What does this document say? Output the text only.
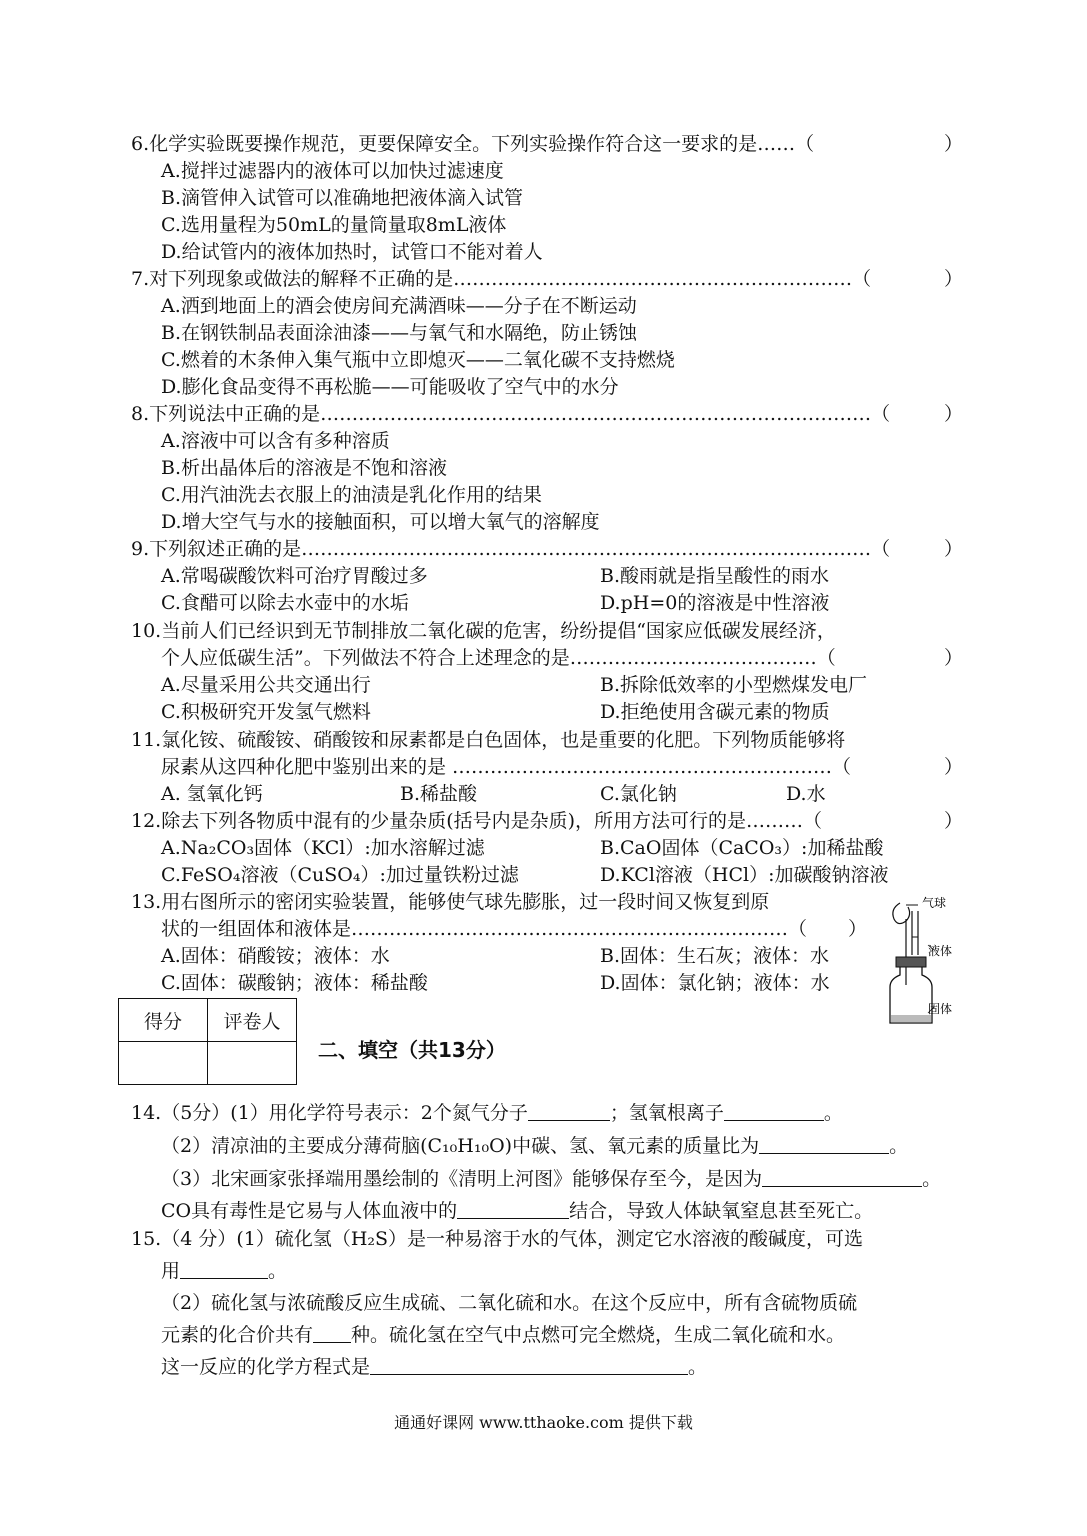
6.化学实验既要操作规范，更要保障安全。下列实验操作符合这一要求的是……（	）
A.搅拌过滤器内的液体可以加快过滤速度
B.滴管伸入试管可以准确地把液体滴入试管
C.选用量程为50mL的量筒量取8mL液体
D.给试管内的液体加热时，试管口不能对着人
7.对下列现象或做法的解释不正确的是………………………………………………………（	）
A.洒到地面上的酒会使房间充满酒味——分子在不断运动
B.在钢铁制品表面涂油漆——与氧气和水隔绝，防止锈蚀
C.燃着的木条伸入集气瓶中立即熄灭——二氧化碳不支持燃烧
D.膨化食品变得不再松脆——可能吸收了空气中的水分
8.下列说法中正确的是……………………………………………………………………………（	）
A.溶液中可以含有多种溶质
B.析出晶体后的溶液是不饱和溶液
C.用汽油洗去衣服上的油渍是乳化作用的结果
D.增大空气与水的接触面积，可以增大氧气的溶解度
9.下列叙述正确的是………………………………………………………………………………（	）
A.常喝碳酸饮料可治疗胃酸过多	B.酸雨就是指呈酸性的雨水
C.食醋可以除去水壶中的水垢	D.pH=0的溶液是中性溶液
10.当前人们已经识到无节制排放二氧化碳的危害，纷纷提倡“国家应低碳发展经济，
个人应低碳生活”。下列做法不符合上述理念的是…………………………………（	）
A.尽量采用公共交通出行	B.拆除低效率的小型燃煤发电厂
C.积极研究开发氢气燃料	D.拒绝使用含碳元素的物质
11.氯化铵、硫酸铵、硝酸铵和尿素都是白色固体，也是重要的化肥。下列物质能够将
尿素从这四种化肥中鉴别出来的是 ……………………………………………………（	）
A. 氢氧化钙	B.稀盐酸	C.氯化钠	D.水
12.除去下列各物质中混有的少量杂质(括号内是杂质)，所用方法可行的是………（	）
A.Na₂CO₃固体（KCl）:加水溶解过滤	B.CaO固体（CaCO₃）:加稀盐酸
C.FeSO₄溶液（CuSO₄）:加过量铁粉过滤	D.KCl溶液（HCl）:加碳酸钠溶液
13.用右图所示的密闭实验装置，能够使气球先膨胀，过一段时间又恢复到原
状的一组固体和液体是……………………………………………………………（ ）
A.固体：硝酸铵；液体：水	B.固体：生石灰；液体：水
C.固体：碳酸钠；液体：稀盐酸	D.固体：氯化钠；液体：水
气球
液体
固体
得分	评卷人

二、填空（共13分）
14.（5分）(1）用化学符号表示：2个氮气分子	；氢氧根离子	。
（2）清凉油的主要成分薄荷脑(C₁₀H₁₀O)中碳、氢、氧元素的质量比为	。
（3）北宋画家张择端用墨绘制的《清明上河图》能够保存至今，是因为	。
CO具有毒性是它易与人体血液中的	结合，导致人体缺氧窒息甚至死亡。
15.（4 分）(1）硫化氢（H₂S）是一种易溶于水的气体，测定它水溶液的酸碱度，可选
用	。
（2）硫化氢与浓硫酸反应生成硫、二氧化硫和水。在这个反应中，所有含硫物质硫
元素的化合价共有 种。硫化氢在空气中点燃可完全燃烧，生成二氧化硫和水。
这一反应的化学方程式是	。
通通好课网 www.tthaoke.com 提供下载
